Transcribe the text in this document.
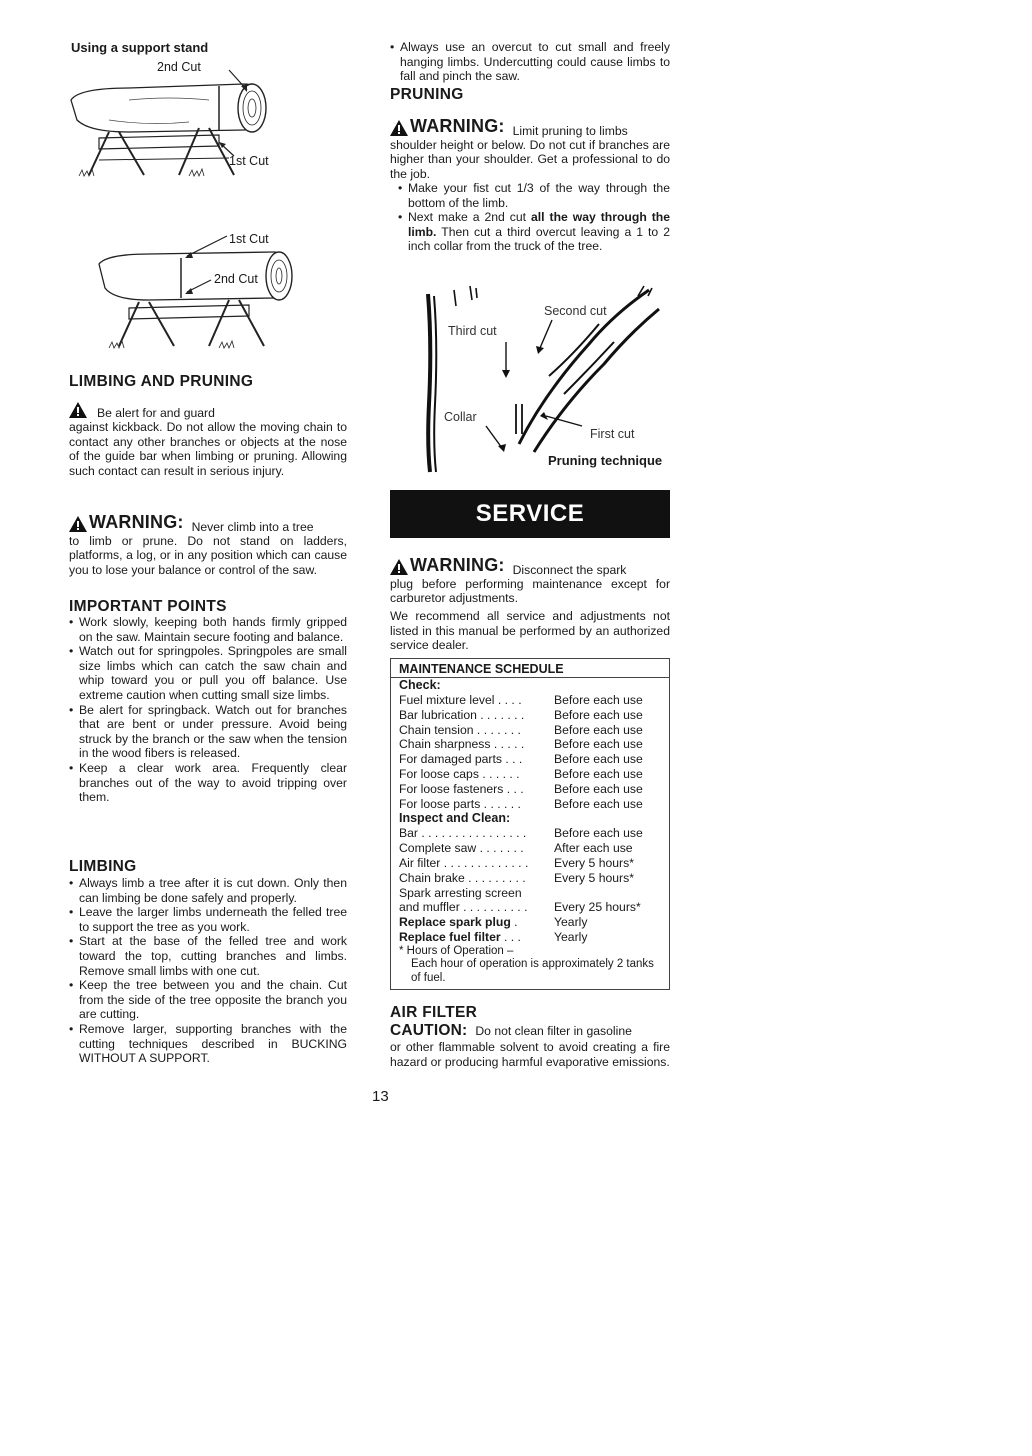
Using a support stand

2nd Cut
1st Cut
1st Cut
2nd Cut

LIMBING AND PRUNING

Be alert for and guard

against kickback. Do not allow the moving chain to contact any other branches or objects at the nose of the guide bar when limbing or pruning. Allowing such contact can result in serious injury.

WARNING: Never climb into a tree

to limb or prune. Do not stand on ladders, platforms, a log, or in any position which can cause you to lose your balance or control of the saw.

IMPORTANT POINTS

• Work slowly, keeping both hands firmly gripped on the saw. Maintain secure footing and balance.
• Watch out for springpoles. Springpoles are small size limbs which can catch the saw chain and whip toward you or pull you off balance. Use extreme caution when cutting small size limbs.
• Be alert for springback. Watch out for branches that are bent or under pressure. Avoid being struck by the branch or the saw when the tension in the wood fibers is released.
• Keep a clear work area. Frequently clear branches out of the way to avoid tripping over them.

LIMBING

• Always limb a tree after it is cut down. Only then can limbing be done safely and properly.
• Leave the larger limbs underneath the felled tree to support the tree as you work.
• Start at the base of the felled tree and work toward the top, cutting branches and limbs. Remove small limbs with one cut.
• Keep the tree between you and the chain. Cut from the side of the tree opposite the branch you are cutting.
• Remove larger, supporting branches with the cutting techniques described in BUCKING WITHOUT A SUPPORT.
• Always use an overcut to cut small and freely hanging limbs. Undercutting could cause limbs to fall and pinch the saw.

PRUNING

WARNING: Limit pruning to limbs

shoulder height or below. Do not cut if branches are higher than your shoulder. Get a professional to do the job.

• Make your fist cut 1/3 of the way through the bottom of the limb.
• Next make a 2nd cut all the way through the limb. Then cut a third overcut leaving a 1 to 2 inch collar from the truck of the tree.
Second cut
Third cut
Collar
First cut
Pruning technique
SERVICE
WARNING: Disconnect the spark

plug before performing maintenance except for carburetor adjustments.

We recommend all service and adjustments not listed in this manual be performed by an authorized service dealer.

MAINTENANCE SCHEDULE
Check:
Fuel mixture level . . . .	Before each use
Bar lubrication . . . . . . .	Before each use
Chain tension . . . . . . .	Before each use
Chain sharpness . . . . .	Before each use
For damaged parts . . .	Before each use
For loose caps . . . . . .	Before each use
For loose fasteners . . .	Before each use
For loose parts . . . . . .	Before each use
Inspect and Clean:
Bar . . . . . . . . . . . . . . . .	Before each use
Complete saw . . . . . . .	After each use
Air filter . . . . . . . . . . . . .	Every 5 hours*
Chain brake . . . . . . . . .	Every 5 hours*
Spark arresting screen
and muffler . . . . . . . . . .	Every 25 hours*
Replace spark plug .	Yearly
Replace fuel filter . . .	Yearly
* Hours of Operation –
Each hour of operation is approximately 2 tanks of fuel.

AIR FILTER

CAUTION: Do not clean filter in gasoline

or other flammable solvent to avoid creating a fire hazard or producing harmful evaporative emissions.

13
